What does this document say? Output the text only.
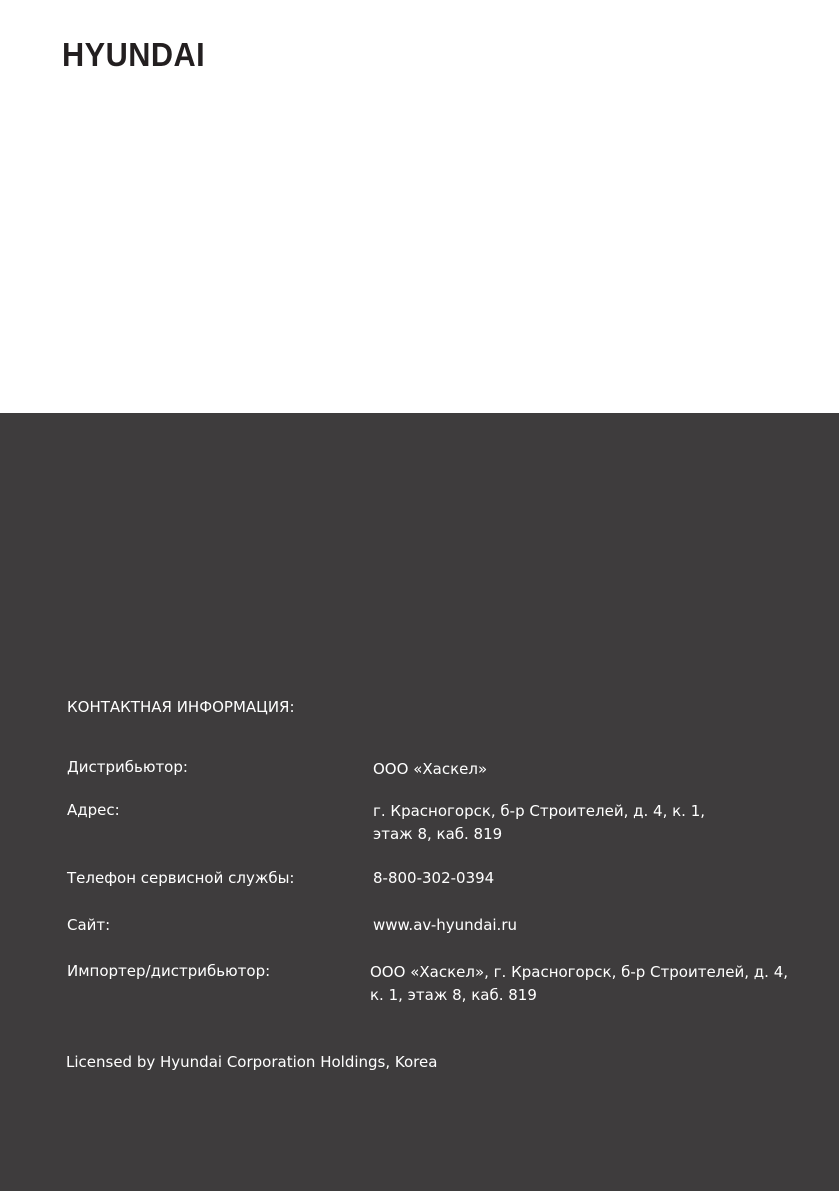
HYUNDAI
КОНТАКТНАЯ ИНФОРМАЦИЯ:
Дистрибьютор:	ООО «Хаскел»
Адрес:	г. Красногорск, б-р Строителей, д. 4, к. 1,
этаж 8, каб. 819
Телефон сервисной службы:	8-800-302-0394
Сайт:	www.av-hyundai.ru
Импортер/дистрибьютор:	ООО «Хаскел», г. Красногорск, б-р Строителей, д. 4,
к. 1, этаж 8, каб. 819
Licensed by Hyundai Corporation Holdings, Korea
